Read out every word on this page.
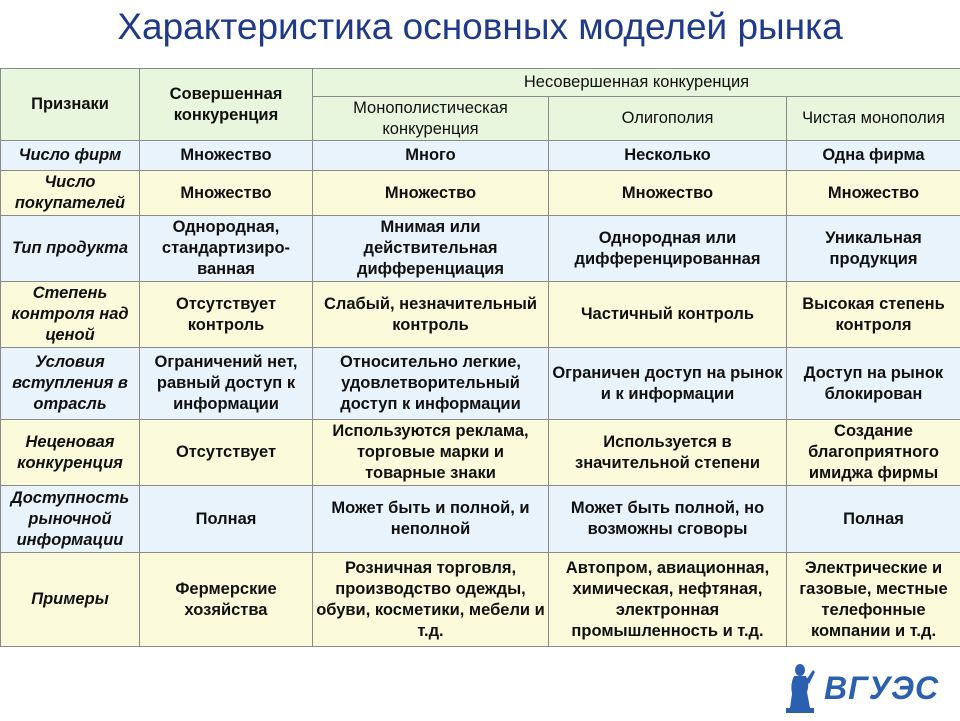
Характеристика основных моделей рынка
Признаки	Совершенная конкуренция	Несовершенная конкуренция		
		Монополистическая конкуренция	Олигополия	Чистая монополия
Число фирм	Множество	Много	Несколько	Одна фирма
Число покупателей	Множество	Множество	Множество	Множество
Тип продукта	Однородная, стандартизиро-ванная	Мнимая или действительная дифференциация	Однородная или дифференцированная	Уникальная продукция
Степень контроля над ценой	Отсутствует контроль	Слабый, незначительный контроль	Частичный контроль	Высокая степень контроля
Условия вступления в отрасль	Ограничений нет, равный доступ к информации	Относительно легкие, удовлетворительный доступ к информации	Ограничен доступ на рынок и к информации	Доступ на рынок блокирован
Неценовая конкуренция	Отсутствует	Используются реклама, торговые марки и товарные знаки	Используется в значительной степени	Создание благоприятного имиджа фирмы
Доступность рыночной информации	Полная	Может быть и полной, и неполной	Может быть полной, но возможны сговоры	Полная
Примеры	Фермерские хозяйства	Розничная торговля, производство одежды, обуви, косметики, мебели и т.д.	Автопром, авиационная, химическая, нефтяная, электронная промышленность и т.д.	Электрические и газовые, местные телефонные компании и т.д.
ВГУЭС
